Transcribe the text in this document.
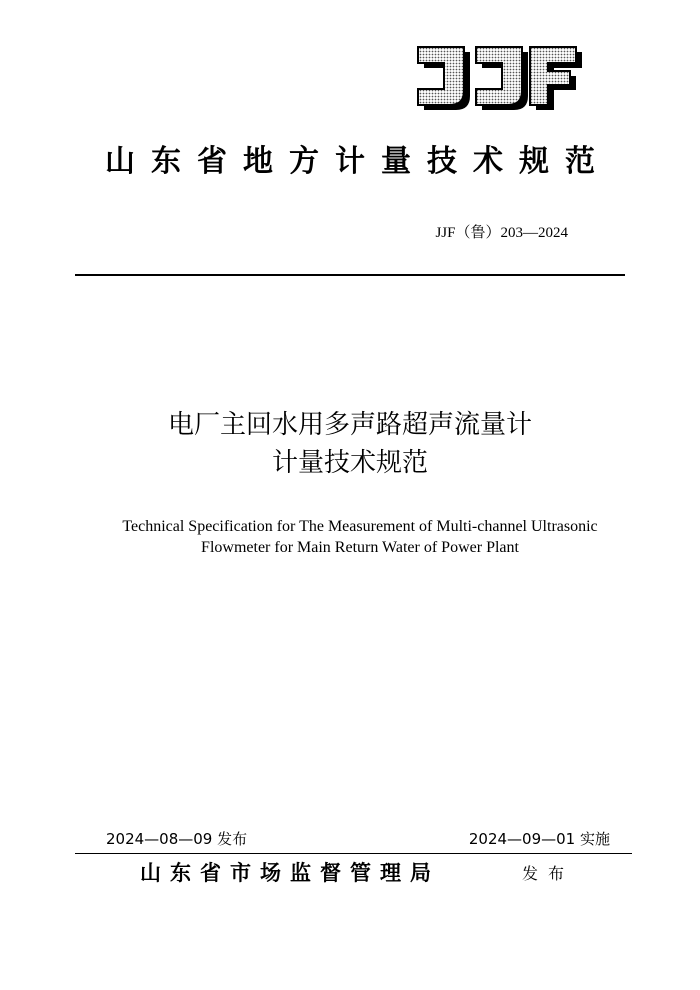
山东省地方计量技术规范
JJF（鲁）203—2024
电厂主回水用多声路超声流量计
计量技术规范
Technical Specification for The Measurement of Multi-channel Ultrasonic
Flowmeter for Main Return Water of Power Plant
2024—08—09 发布	2024—09—01 实施
山东省市场监督管理局	发布
